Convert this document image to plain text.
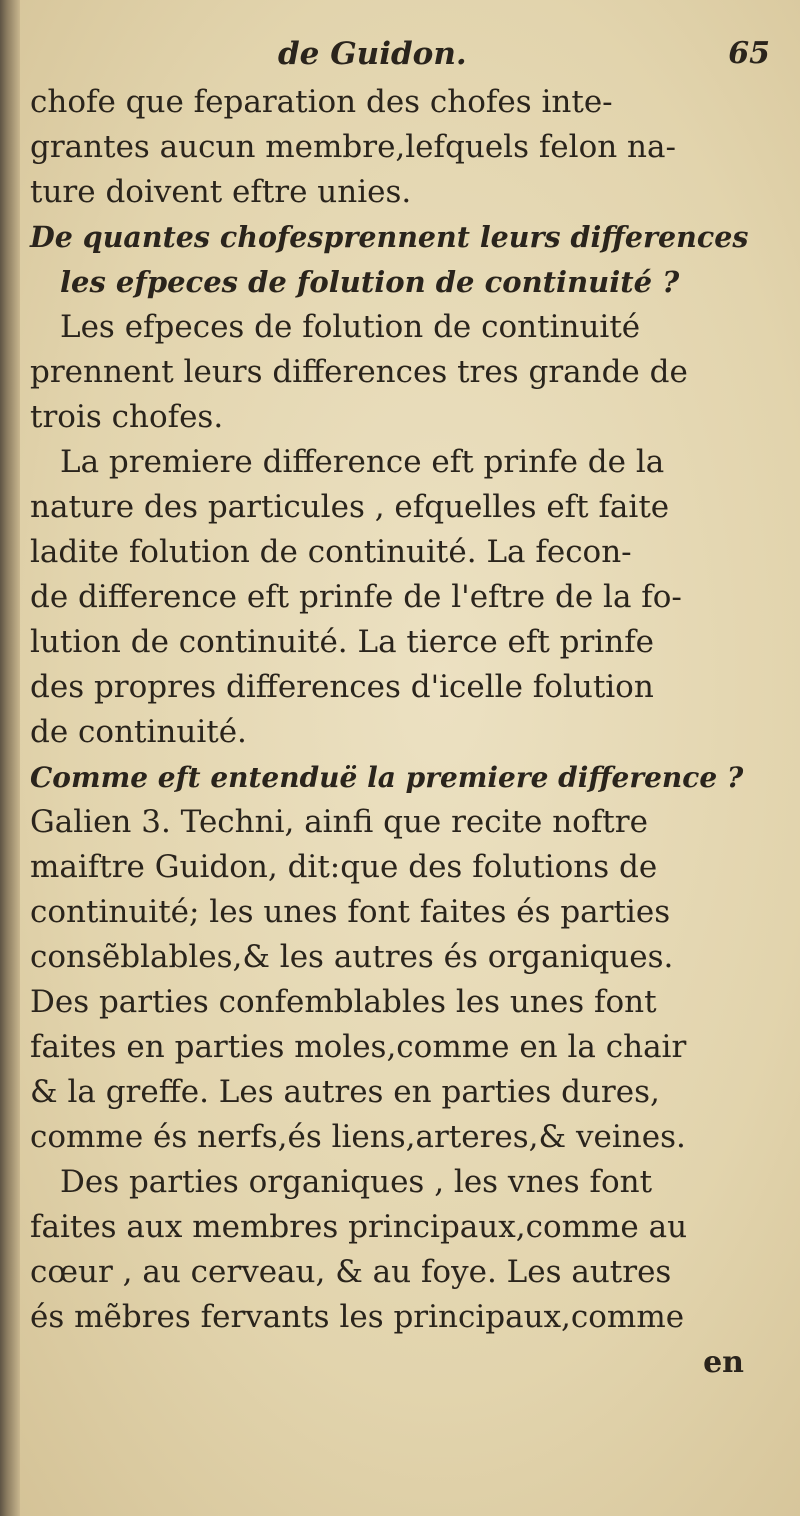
de Guidon.	65
chofe que feparation des chofes inte-
grantes aucun membre,lefquels felon na-
ture doivent eftre unies.
De quantes chofesprennent leurs differences
les efpeces de folution de continuité ?
Les efpeces de folution de continuité
prennent leurs differences tres grande de
trois chofes.
La premiere difference eft prinfe de la
nature des particules , efquelles eft faite
ladite folution de continuité. La fecon-
de difference eft prinfe de l'eftre de la fo-
lution de continuité. La tierce eft prinfe
des propres differences d'icelle folution
de continuité.
Comme eft entenduë la premiere difference ?
Galien 3. Techni, ainfi que recite noftre
maiftre Guidon, dit:que des folutions de
continuité; les unes font faites és parties
consẽblables,& les autres és organiques.
Des parties confemblables les unes font
faites en parties moles,comme en la chair
& la greffe. Les autres en parties dures,
comme és nerfs,és liens,arteres,& veines.
Des parties organiques , les vnes font
faites aux membres principaux,comme au
cœur , au cerveau, & au foye. Les autres
és mẽbres fervants les principaux,comme
en
